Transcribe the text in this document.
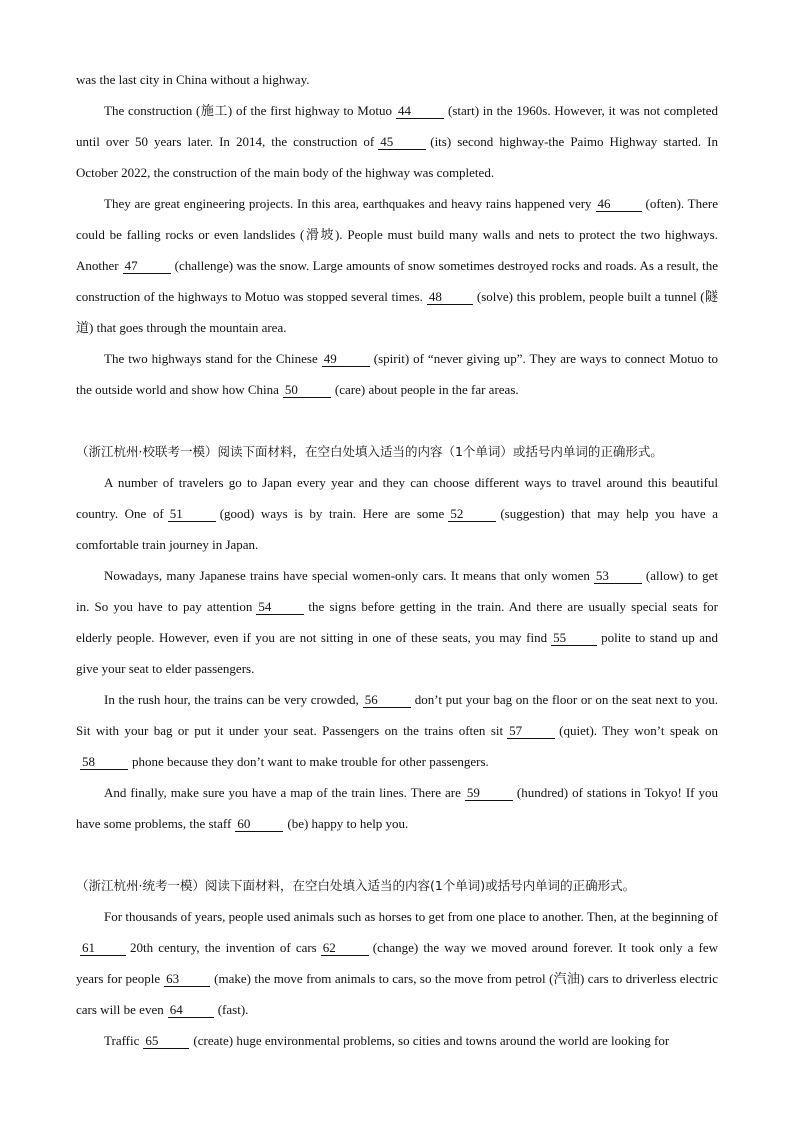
was the last city in China without a highway.

The construction (施工) of the first highway to Motuo 44	(start) in the 1960s. However, it was not completed until over 50 years later. In 2014, the construction of 45	(its) second highway-the Paimo Highway started. In October 2022, the construction of the main body of the highway was completed.

They are great engineering projects. In this area, earthquakes and heavy rains happened very 46	(often). There could be falling rocks or even landslides (滑坡). People must build many walls and nets to protect the two highways. Another 47	(challenge) was the snow. Large amounts of snow sometimes destroyed rocks and roads. As a result, the construction of the highways to Motuo was stopped several times. 48	(solve) this problem, people built a tunnel (隧道) that goes through the mountain area.

The two highways stand for the Chinese 49	(spirit) of “never giving up”. They are ways to connect Motuo to the outside world and show how China 50	(care) about people in the far areas.

（浙江杭州·校联考一模）阅读下面材料，在空白处填入适当的内容（1个单词）或括号内单词的正确形式。

A number of travelers go to Japan every year and they can choose different ways to travel around this beautiful country. One of 51	(good) ways is by train. Here are some 52	(suggestion) that may help you have a comfortable train journey in Japan.

Nowadays, many Japanese trains have special women-only cars. It means that only women 53	(allow) to get in. So you have to pay attention 54	the signs before getting in the train. And there are usually special seats for elderly people. However, even if you are not sitting in one of these seats, you may find 55	polite to stand up and give your seat to elder passengers.

In the rush hour, the trains can be very crowded, 56	don’t put your bag on the floor or on the seat next to you. Sit with your bag or put it under your seat. Passengers on the trains often sit 57	(quiet). They won’t speak on58	phone because they don’t want to make trouble for other passengers.

And finally, make sure you have a map of the train lines. There are 59	(hundred) of stations in Tokyo! If you have some problems, the staff 60	(be) happy to help you.

（浙江杭州·统考一模）阅读下面材料，在空白处填入适当的内容(1个单词)或括号内单词的正确形式。

For thousands of years, people used animals such as horses to get from one place to another. Then, at the beginning of61	20th century, the invention of cars 62	(change) the way we moved around forever. It took only a few years for people 63	(make) the move from animals to cars, so the move from petrol (汽油) cars to driverless electric cars will be even 64	(fast).

Traffic 65	(create) huge environmental problems, so cities and towns around the world are looking for
